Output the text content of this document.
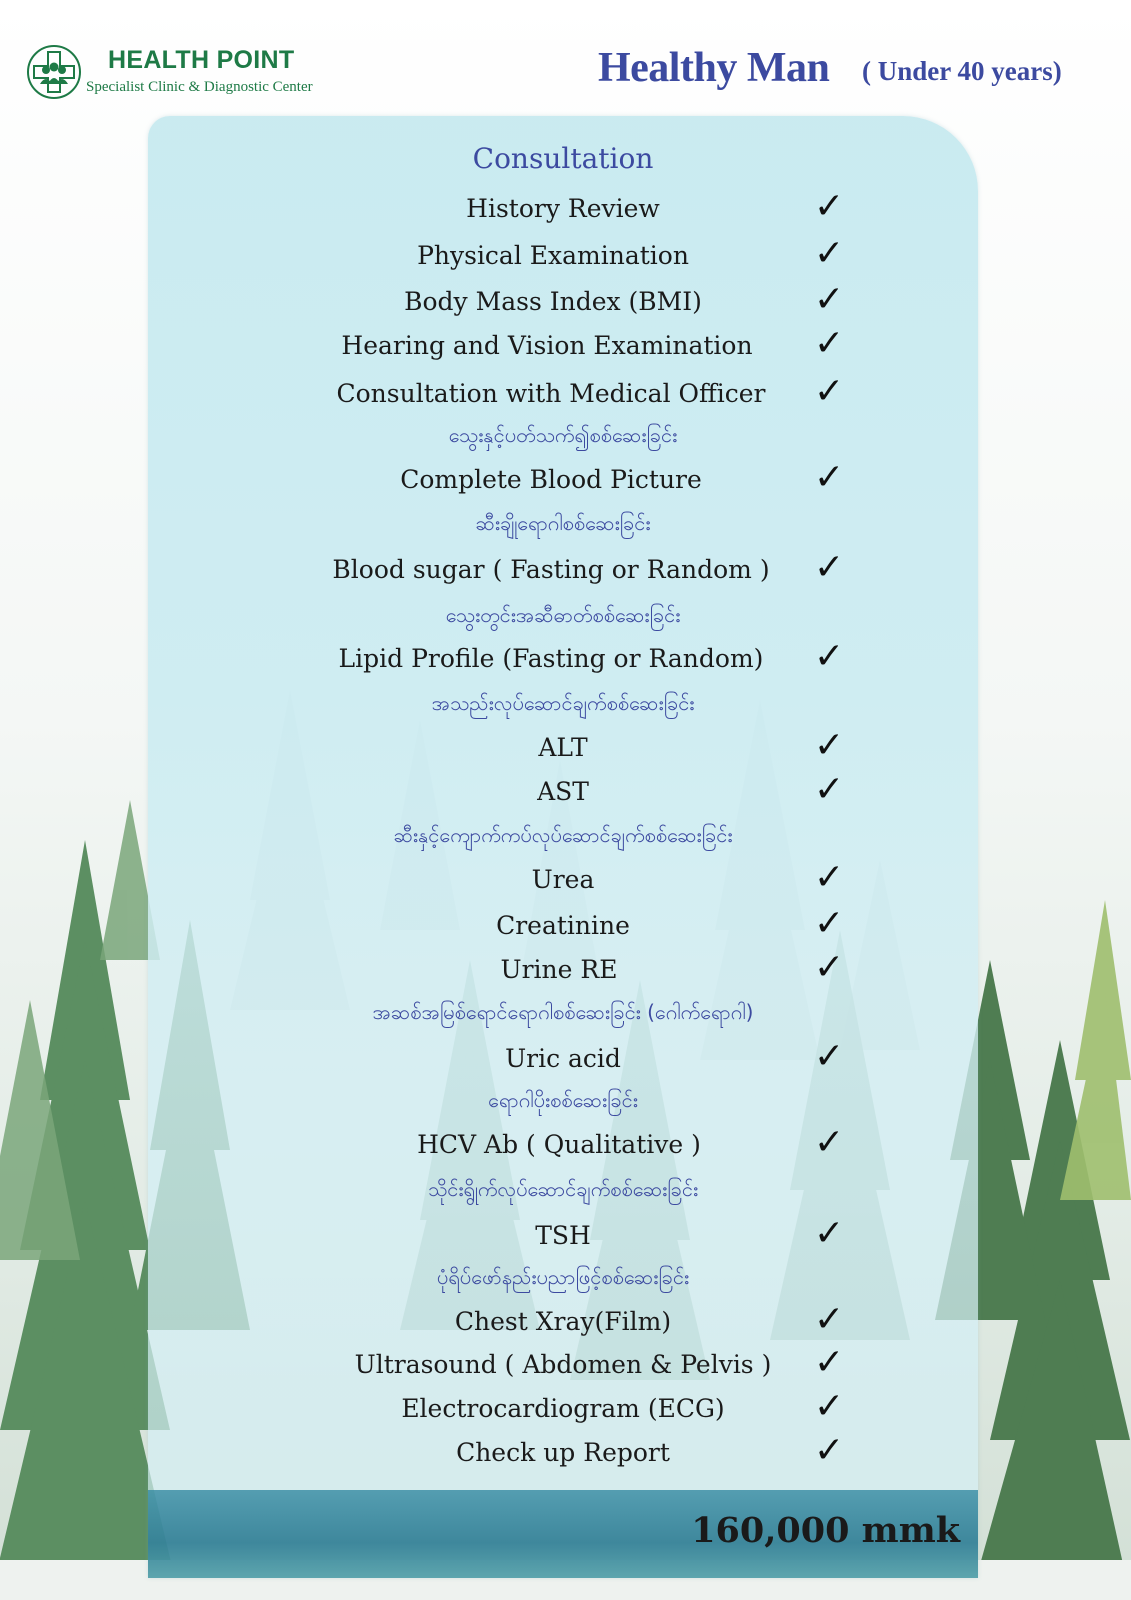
HEALTH POINT
Specialist Clinic & Diagnostic Center	Healthy Man ( Under 40 years)
160,000 mmk
Consultation
History Review	✓
Physical Examination	✓
Body Mass Index (BMI)	✓
Hearing and Vision Examination	✓
Consultation with Medical Officer	✓
သွေးနှင့်ပတ်သက်၍စစ်ဆေးခြင်း
Complete Blood Picture	✓
ဆီးချိုရောဂါစစ်ဆေးခြင်း
Blood sugar ( Fasting or Random )	✓
သွေးတွင်းအဆီဓာတ်စစ်ဆေးခြင်း
Lipid Profile (Fasting or Random)	✓
အသည်းလုပ်ဆောင်ချက်စစ်ဆေးခြင်း
ALT	✓
AST	✓
ဆီးနှင့်ကျောက်ကပ်လုပ်ဆောင်ချက်စစ်ဆေးခြင်း
Urea	✓
Creatinine	✓
Urine RE	✓
အဆစ်အမြစ်ရောင်ရောဂါစစ်ဆေးခြင်း (ဂေါက်ရောဂါ)
Uric acid	✓
ရောဂါပိုးစစ်ဆေးခြင်း
HCV Ab ( Qualitative )	✓
သိုင်းရွိုက်လုပ်ဆောင်ချက်စစ်ဆေးခြင်း
TSH	✓
ပုံရိပ်ဖော်နည်းပညာဖြင့်စစ်ဆေးခြင်း
Chest Xray(Film)	✓
Ultrasound ( Abdomen & Pelvis )	✓
Electrocardiogram (ECG)	✓
Check up Report	✓
